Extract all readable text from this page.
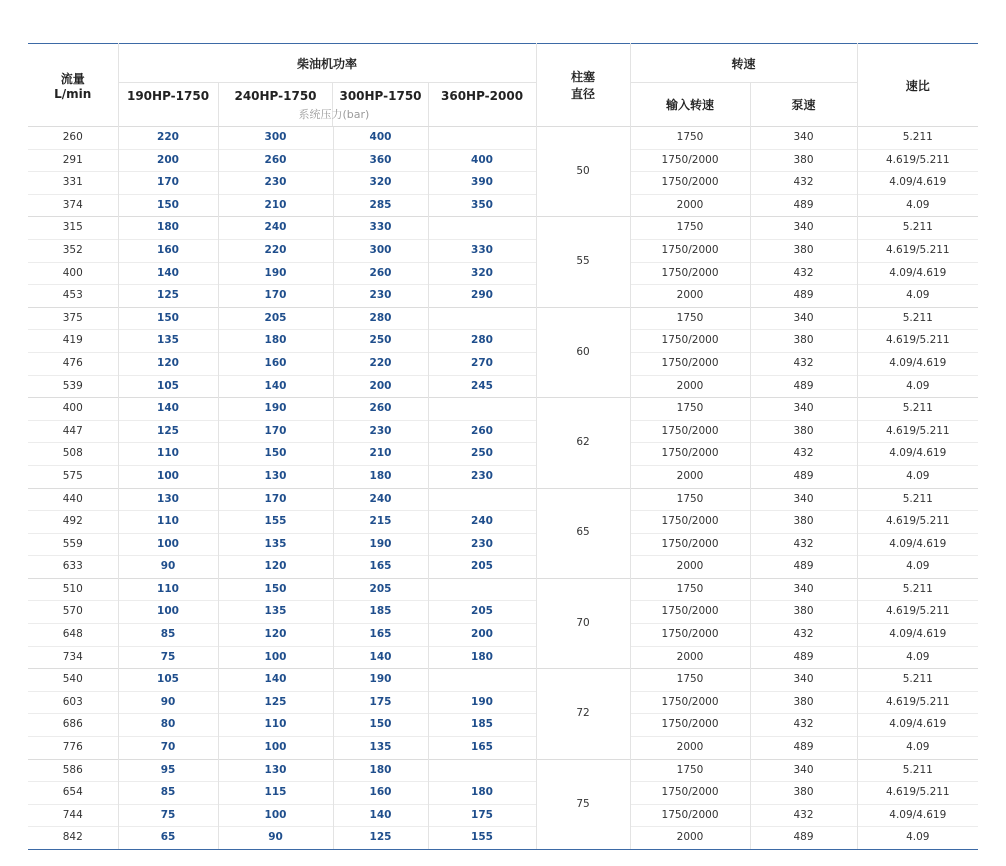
流量
L/min	柴油机功率				柱塞
直径	转速		速比

	190HP-1750 240HP-1750 300HP-1750 360HP-2000
系统压力(bar)					输入转速	泵速	
260	220	300	400		50	1750	340	5.211
291	200	260	360	400		1750/2000	380	4.619/5.211
331	170	230	320	390		1750/2000	432	4.09/4.619
374	150	210	285	350		2000	489	4.09
315	180	240	330		55	1750	340	5.211
352	160	220	300	330		1750/2000	380	4.619/5.211
400	140	190	260	320		1750/2000	432	4.09/4.619
453	125	170	230	290		2000	489	4.09
375	150	205	280		60	1750	340	5.211
419	135	180	250	280		1750/2000	380	4.619/5.211
476	120	160	220	270		1750/2000	432	4.09/4.619
539	105	140	200	245		2000	489	4.09
400	140	190	260		62	1750	340	5.211
447	125	170	230	260		1750/2000	380	4.619/5.211
508	110	150	210	250		1750/2000	432	4.09/4.619
575	100	130	180	230		2000	489	4.09
440	130	170	240		65	1750	340	5.211
492	110	155	215	240		1750/2000	380	4.619/5.211
559	100	135	190	230		1750/2000	432	4.09/4.619
633	90	120	165	205		2000	489	4.09
510	110	150	205		70	1750	340	5.211
570	100	135	185	205		1750/2000	380	4.619/5.211
648	85	120	165	200		1750/2000	432	4.09/4.619
734	75	100	140	180		2000	489	4.09
540	105	140	190		72	1750	340	5.211
603	90	125	175	190		1750/2000	380	4.619/5.211
686	80	110	150	185		1750/2000	432	4.09/4.619
776	70	100	135	165		2000	489	4.09
586	95	130	180		75	1750	340	5.211
654	85	115	160	180		1750/2000	380	4.619/5.211
744	75	100	140	175		1750/2000	432	4.09/4.619
842	65	90	125	155		2000	489	4.09
